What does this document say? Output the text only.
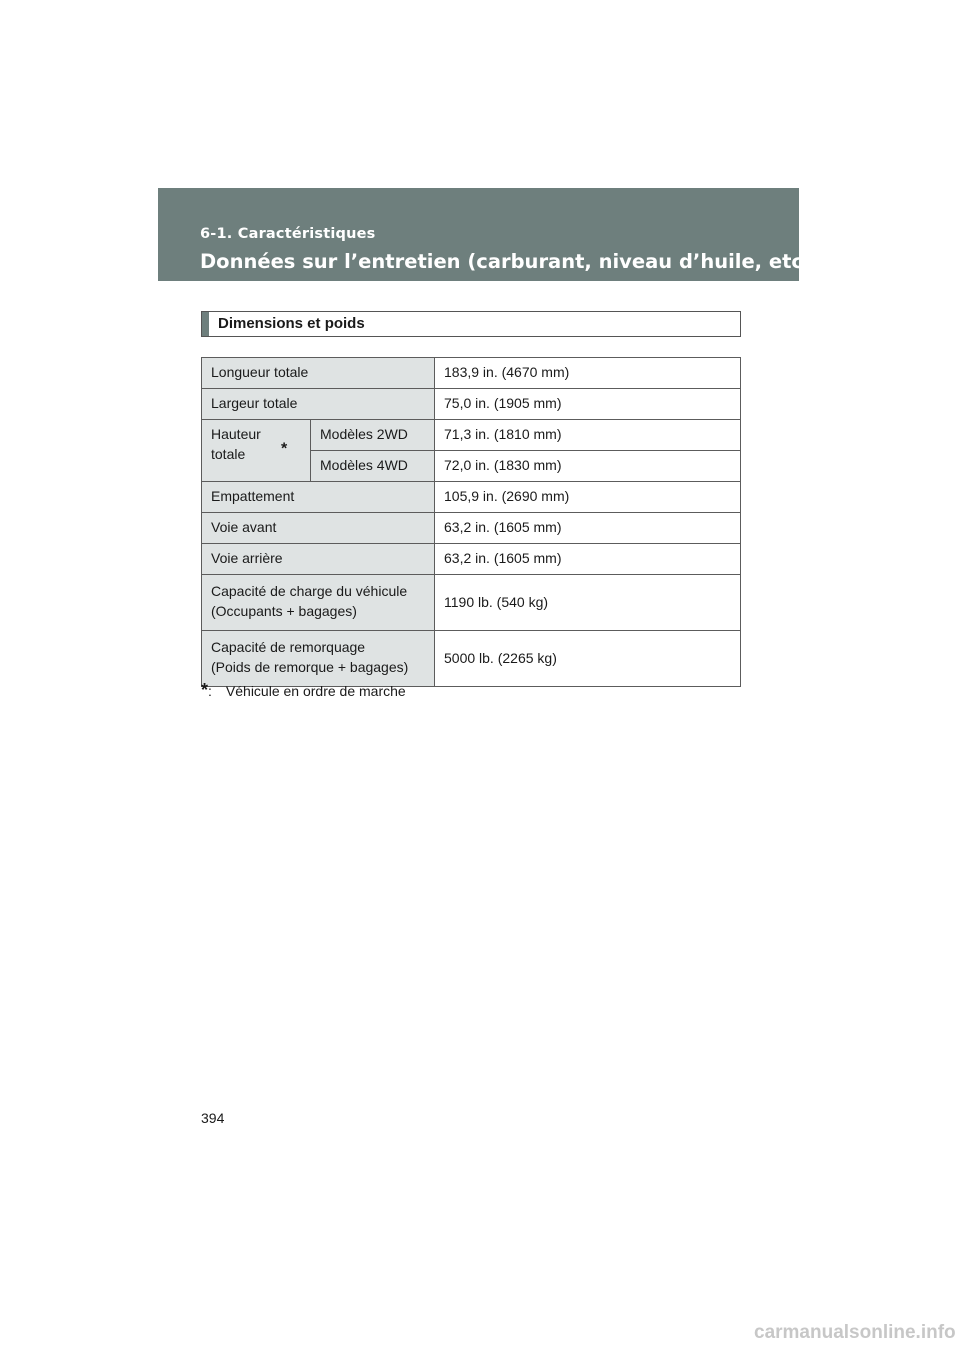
6-1. Caractéristiques
Données sur l’entretien (carburant, niveau d’huile, etc.)
Dimensions et poids
Longueur totale		183,9 in. (4670 mm)
Largeur totale		75,0 in. (1905 mm)
Hauteur totale *	Modèles 2WD	71,3 in. (1810 mm)
	Modèles 4WD	72,0 in. (1830 mm)
Empattement		105,9 in. (2690 mm)
Voie avant		63,2 in. (1605 mm)
Voie arrière		63,2 in. (1605 mm)

Capacité de charge du véhicule
(Occupants + bagages)		1190 lb. (540 kg)

Capacité de remorquage
(Poids de remorque + bagages)		5000 lb. (2265 kg)
*: Véhicule en ordre de marche
394
carmanualsonline.info
